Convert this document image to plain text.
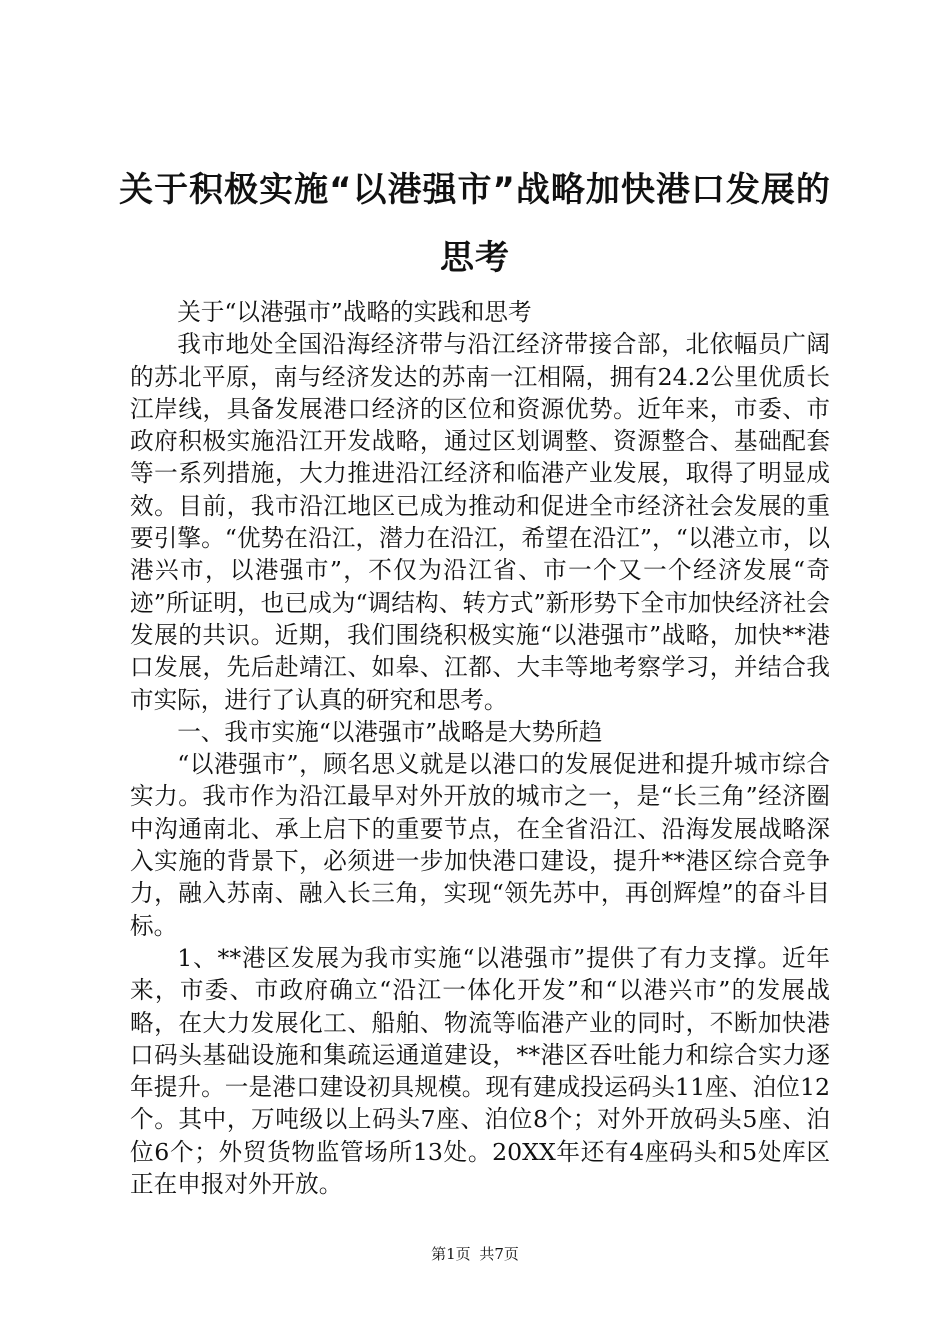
关于积极实施“以港强市”战略加快港口发展的思考

关于“以港强市”战略的实践和思考

我市地处全国沿海经济带与沿江经济带接合部，北依幅员广阔的苏北平原，南与经济发达的苏南一江相隔，拥有24.2公里优质长江岸线，具备发展港口经济的区位和资源优势。近年来，市委、市政府积极实施沿江开发战略，通过区划调整、资源整合、基础配套等一系列措施，大力推进沿江经济和临港产业发展，取得了明显成效。目前，我市沿江地区已成为推动和促进全市经济社会发展的重要引擎。“优势在沿江，潜力在沿江，希望在沿江”，“以港立市，以港兴市，以港强市”，不仅为沿江省、市一个又一个经济发展“奇迹”所证明，也已成为“调结构、转方式”新形势下全市加快经济社会发展的共识。近期，我们围绕积极实施“以港强市”战略，加快**港口发展，先后赴靖江、如皋、江都、大丰等地考察学习，并结合我市实际，进行了认真的研究和思考。

一、我市实施“以港强市”战略是大势所趋

“以港强市”，顾名思义就是以港口的发展促进和提升城市综合实力。我市作为沿江最早对外开放的城市之一，是“长三角”经济圈中沟通南北、承上启下的重要节点，在全省沿江、沿海发展战略深入实施的背景下，必须进一步加快港口建设，提升**港区综合竞争力，融入苏南、融入长三角，实现“领先苏中，再创辉煌”的奋斗目标。

1、**港区发展为我市实施“以港强市”提供了有力支撑。近年来，市委、市政府确立“沿江一体化开发”和“以港兴市”的发展战略，在大力发展化工、船舶、物流等临港产业的同时，不断加快港口码头基础设施和集疏运通道建设，**港区吞吐能力和综合实力逐年提升。一是港口建设初具规模。现有建成投运码头11座、泊位12个。其中，万吨级以上码头7座、泊位8个；对外开放码头5座、泊位6个；外贸货物监管场所13处。20XX年还有4座码头和5处库区正在申报对外开放。

第1页 共7页
